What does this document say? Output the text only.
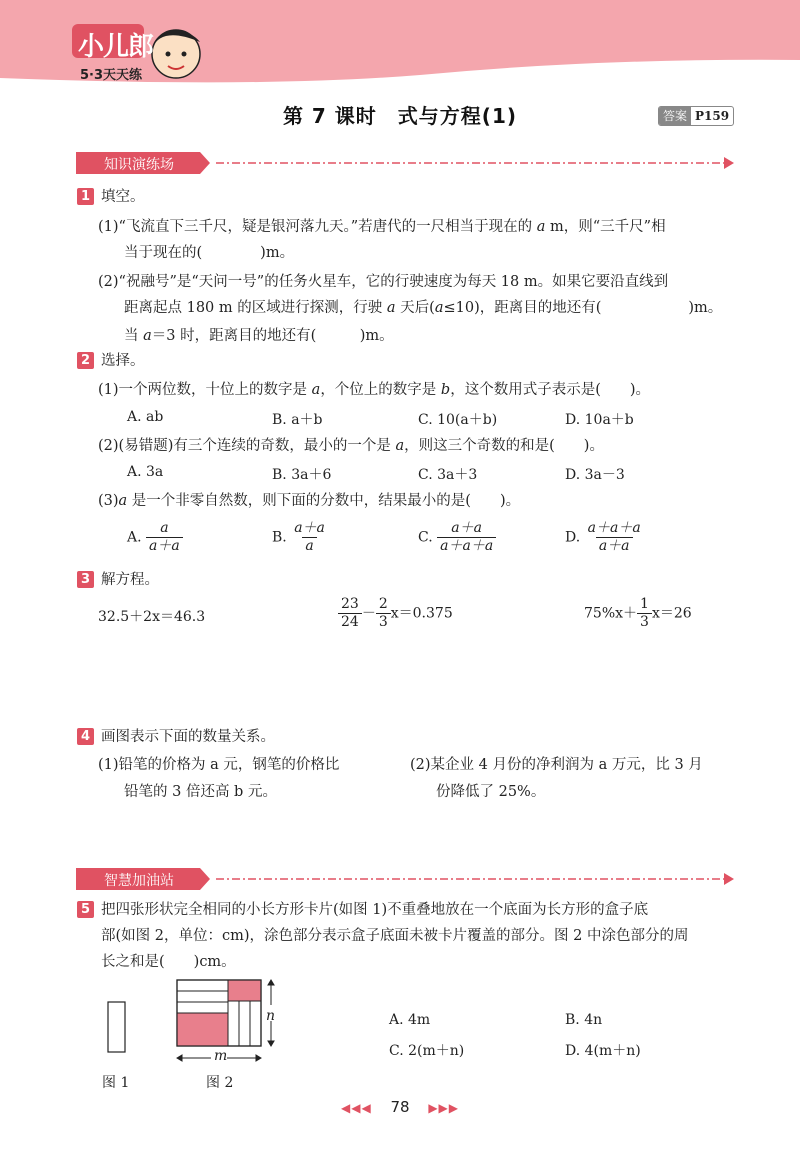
小儿郎
5·3天天练
第 7 课时　式与方程(1)	答案 P159
知识演练场
1 填空。
(1)“飞流直下三千尺，疑是银河落九天。”若唐代的一尺相当于现在的 a m，则“三千尺”相
当于现在的(　　　　)m。
(2)“祝融号”是“天问一号”的任务火星车，它的行驶速度为每天 18 m。如果它要沿直线到
距离起点 180 m 的区域进行探测，行驶 a 天后(a≤10)，距离目的地还有(　　　　　　)m。
当 a＝3 时，距离目的地还有(　　　)m。
2 选择。
(1)一个两位数，十位上的数字是 a，个位上的数字是 b，这个数用式子表示是(　　)。
A. ab	B. a＋b	C. 10(a＋b)	D. 10a＋b
(2)(易错题)有三个连续的奇数，最小的一个是 a，则这三个奇数的和是(　　)。
A. 3a	B. 3a＋6	C. 3a＋3	D. 3a－3
(3)a 是一个非零自然数，则下面的分数中，结果最小的是(　　)。
A. $\frac{a}{a+a}$	B. $\frac{a+a}{a}$	C. $\frac{a+a}{a+a+a}$	D. $\frac{a+a+a}{a+a}$
3 解方程。
32.5＋2x＝46.3	$\frac{23}{24} - \frac{2}{3} x=0.375$	$75\%x+ \frac{1}{3} x=26$
4 画图表示下面的数量关系。
(1)铅笔的价格为 a 元，钢笔的价格比
铅笔的 3 倍还高 b 元。
(2)某企业 4 月份的净利润为 a 万元，比 3 月
份降低了 25%。
智慧加油站
5 把四张形状完全相同的小长方形卡片(如图 1)不重叠地放在一个底面为长方形的盒子底
部(如图 2，单位：cm)，涂色部分表示盒子底面未被卡片覆盖的部分。图 2 中涂色部分的周
长之和是(　　)cm。
m
n
图 1	图 2
A. 4m	B. 4n
C. 2(m＋n)	D. 4(m＋n)
◀◀◀ 78 ▶▶▶
